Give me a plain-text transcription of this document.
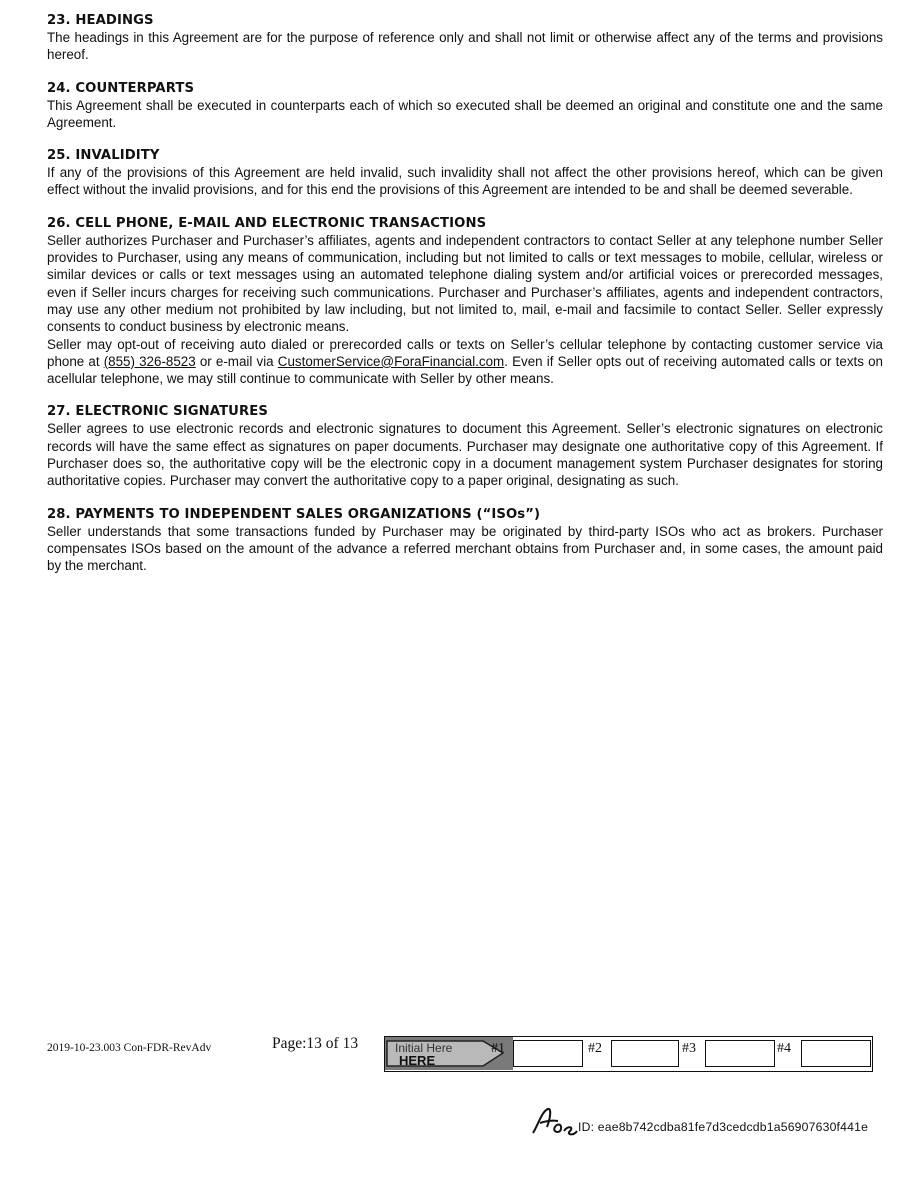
23. HEADINGS
The headings in this Agreement are for the purpose of reference only and shall not limit or otherwise affect any of the terms and provisions hereof.
24. COUNTERPARTS
This Agreement shall be executed in counterparts each of which so executed shall be deemed an original and constitute one and the same Agreement.
25. INVALIDITY
If any of the provisions of this Agreement are held invalid, such invalidity shall not affect the other provisions hereof, which can be given effect without the invalid provisions, and for this end the provisions of this Agreement are intended to be and shall be deemed severable.
26. CELL PHONE, E-MAIL AND ELECTRONIC TRANSACTIONS
Seller authorizes Purchaser and Purchaser’s affiliates, agents and independent contractors to contact Seller at any telephone number Seller provides to Purchaser, using any means of communication, including but not limited to calls or text messages to mobile, cellular, wireless or similar devices or calls or text messages using an automated telephone dialing system and/or artificial voices or prerecorded messages, even if Seller incurs charges for receiving such communications. Purchaser and Purchaser’s affiliates, agents and independent contractors, may use any other medium not prohibited by law including, but not limited to, mail, e-mail and facsimile to contact Seller. Seller expressly consents to conduct business by electronic means.
Seller may opt-out of receiving auto dialed or prerecorded calls or texts on Seller’s cellular telephone by contacting customer service via phone at (855) 326-8523 or e-mail via CustomerService@ForaFinancial.com. Even if Seller opts out of receiving automated calls or texts on acellular telephone, we may still continue to communicate with Seller by other means.
27. ELECTRONIC SIGNATURES
Seller agrees to use electronic records and electronic signatures to document this Agreement. Seller’s electronic signatures on electronic records will have the same effect as signatures on paper documents. Purchaser may designate one authoritative copy of this Agreement. If Purchaser does so, the authoritative copy will be the electronic copy in a document management system Purchaser designates for storing authoritative copies. Purchaser may convert the authoritative copy to a paper original, designating as such.
28. PAYMENTS TO INDEPENDENT SALES ORGANIZATIONS (“ISOs”)
Seller understands that some transactions funded by Purchaser may be originated by third-party ISOs who act as brokers. Purchaser compensates ISOs based on the amount of the advance a referred merchant obtains from Purchaser and, in some cases, the amount paid by the merchant.
2019-10-23.003 Con-FDR-RevAdv	Page:13 of 13	Initial Here
HERE
#1	#2	#3	#4
ID: eae8b742cdba81fe7d3cedcdb1a56907630f441e
